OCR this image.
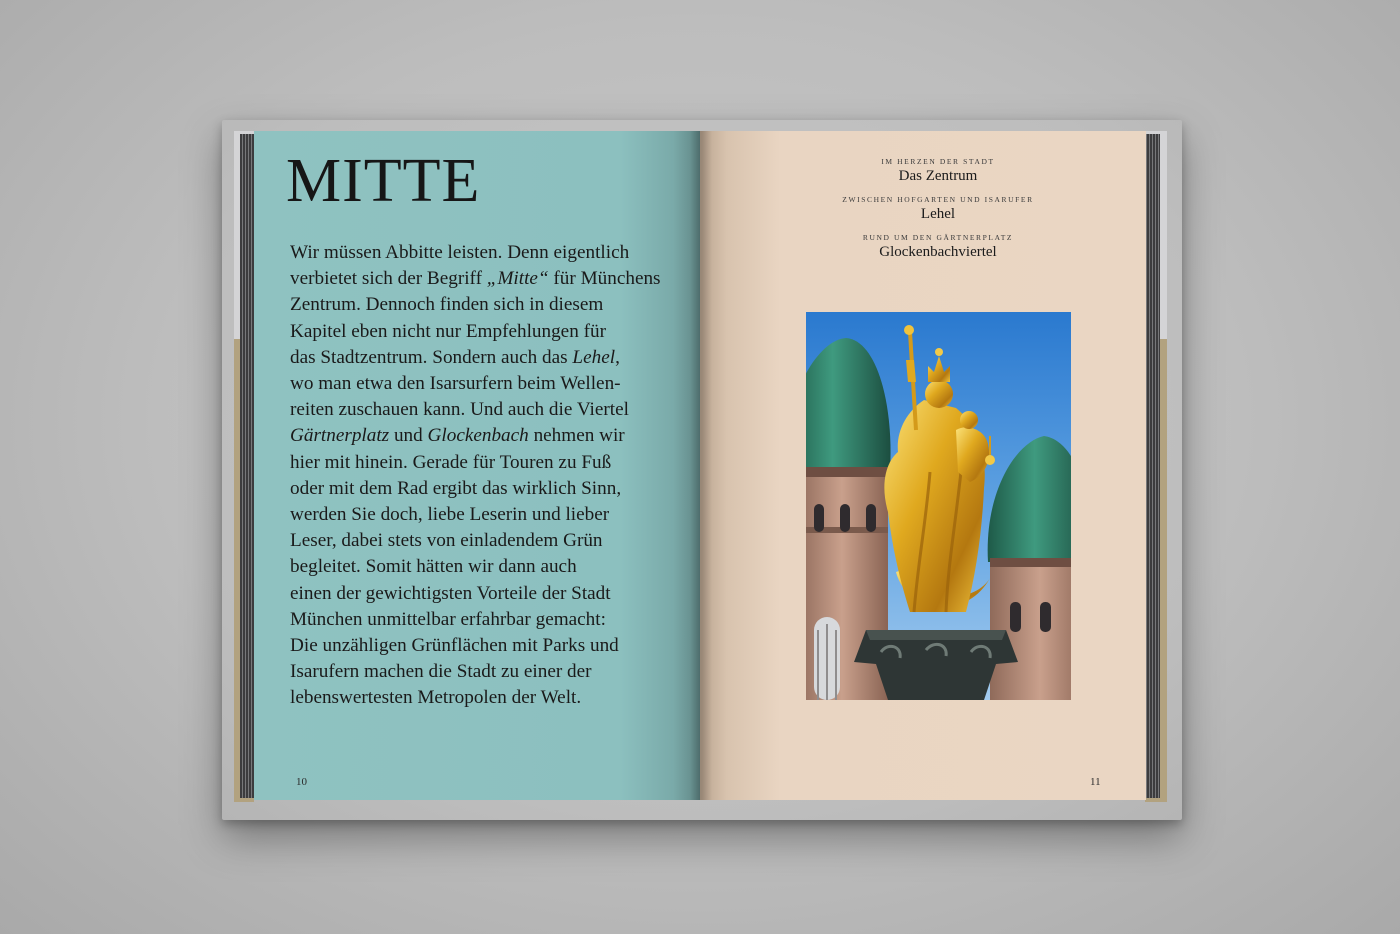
MITTE
Wir müssen Abbitte leisten. Denn eigentlich
verbietet sich der Begriff „Mitte“ für Münchens
Zentrum. Dennoch finden sich in diesem
Kapitel eben nicht nur Empfehlungen für
das Stadtzentrum. Sondern auch das Lehel,
wo man etwa den Isarsurfern beim Wellen-
reiten zuschauen kann. Und auch die Viertel
Gärtnerplatz und Glockenbach nehmen wir
hier mit hinein. Gerade für Touren zu Fuß
oder mit dem Rad ergibt das wirklich Sinn,
werden Sie doch, liebe Leserin und lieber
Leser, dabei stets von einladendem Grün
begleitet. Somit hätten wir dann auch
einen der gewichtigsten Vorteile der Stadt
München unmittelbar erfahrbar gemacht:
Die unzähligen Grünflächen mit Parks und
Isarufern machen die Stadt zu einer der
lebenswertesten Metropolen der Welt.
10
IM HERZEN DER STADT
Das Zentrum
ZWISCHEN HOFGARTEN UND ISARUFER
Lehel
RUND UM DEN GÄRTNERPLATZ
Glockenbachviertel
11
